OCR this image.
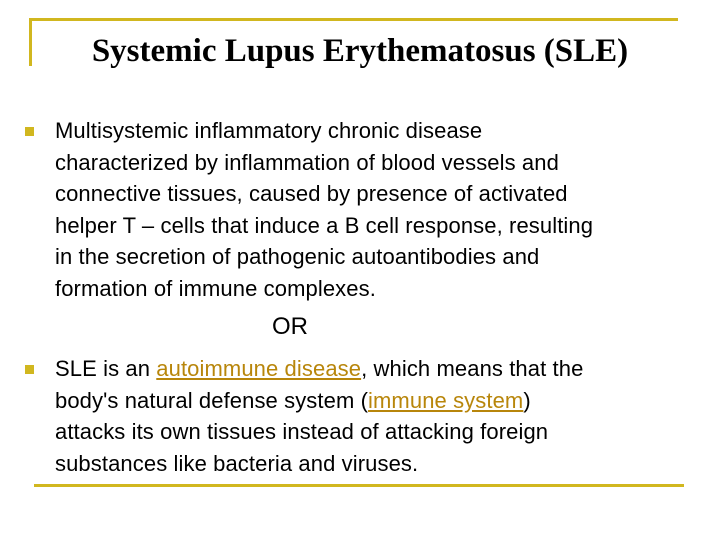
Systemic Lupus Erythematosus (SLE)

Multisystemic inflammatory chronic disease
characterized by inflammation of blood vessels and
connective tissues, caused by presence of activated
helper T – cells that induce a B cell response, resulting
in the secretion of pathogenic autoantibodies and
formation of immune complexes.

OR

SLE is an autoimmune disease, which means that the
body's natural defense system (immune system)
attacks its own tissues instead of attacking foreign
substances like bacteria and viruses.
